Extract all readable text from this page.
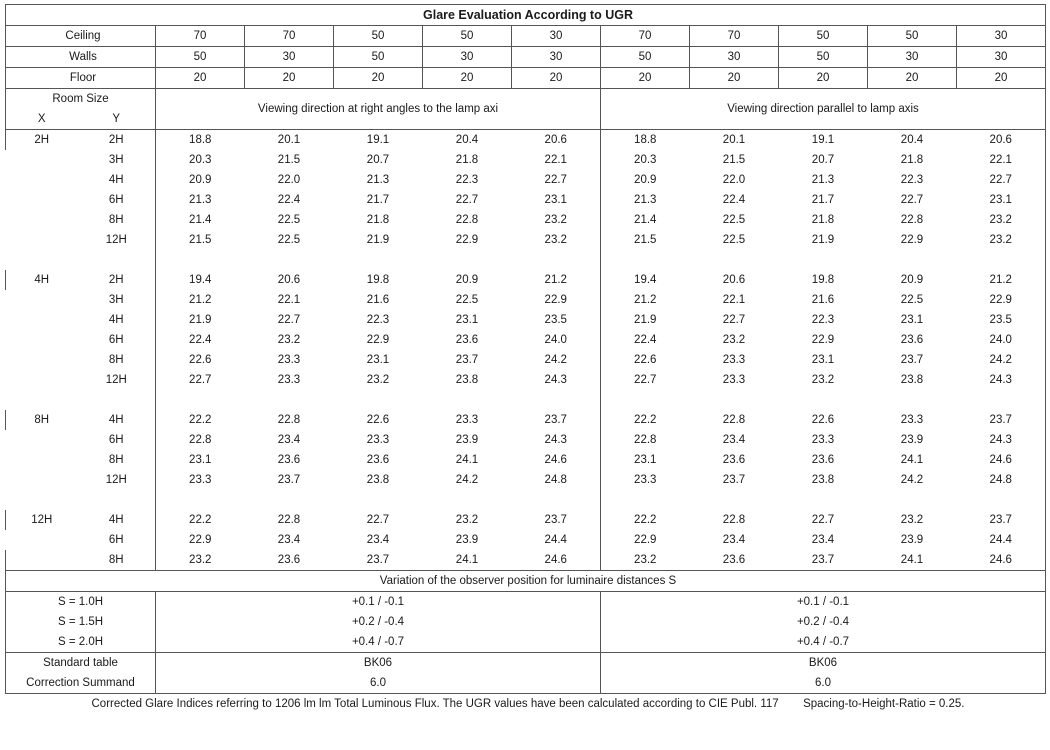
Glare Evaluation According to UGR											
Ceiling		70	70	50	50	30	70	70	50	50	30
Walls		50	30	50	30	30	50	30	50	30	30
Floor		20	20	20	20	20	20	20	20	20	20
Room Size		Viewing direction at right angles to the lamp axi					Viewing direction parallel to lamp axis				
X	Y										
2H	2H	18.8	20.1	19.1	20.4	20.6	18.8	20.1	19.1	20.4	20.6
	3H	20.3	21.5	20.7	21.8	22.1	20.3	21.5	20.7	21.8	22.1
	4H	20.9	22.0	21.3	22.3	22.7	20.9	22.0	21.3	22.3	22.7
	6H	21.3	22.4	21.7	22.7	23.1	21.3	22.4	21.7	22.7	23.1
	8H	21.4	22.5	21.8	22.8	23.2	21.4	22.5	21.8	22.8	23.2
	12H	21.5	22.5	21.9	22.9	23.2	21.5	22.5	21.9	22.9	23.2

4H	2H	19.4	20.6	19.8	20.9	21.2	19.4	20.6	19.8	20.9	21.2
	3H	21.2	22.1	21.6	22.5	22.9	21.2	22.1	21.6	22.5	22.9
	4H	21.9	22.7	22.3	23.1	23.5	21.9	22.7	22.3	23.1	23.5
	6H	22.4	23.2	22.9	23.6	24.0	22.4	23.2	22.9	23.6	24.0
	8H	22.6	23.3	23.1	23.7	24.2	22.6	23.3	23.1	23.7	24.2
	12H	22.7	23.3	23.2	23.8	24.3	22.7	23.3	23.2	23.8	24.3

8H	4H	22.2	22.8	22.6	23.3	23.7	22.2	22.8	22.6	23.3	23.7
	6H	22.8	23.4	23.3	23.9	24.3	22.8	23.4	23.3	23.9	24.3
	8H	23.1	23.6	23.6	24.1	24.6	23.1	23.6	23.6	24.1	24.6
	12H	23.3	23.7	23.8	24.2	24.8	23.3	23.7	23.8	24.2	24.8

12H	4H	22.2	22.8	22.7	23.2	23.7	22.2	22.8	22.7	23.2	23.7
	6H	22.9	23.4	23.4	23.9	24.4	22.9	23.4	23.4	23.9	24.4
	8H	23.2	23.6	23.7	24.1	24.6	23.2	23.6	23.7	24.1	24.6
Variation of the observer position for luminaire distances S											
S = 1.0H		+0.1 / -0.1					+0.1 / -0.1				
S = 1.5H		+0.2 / -0.4					+0.2 / -0.4				
S = 2.0H		+0.4 / -0.7					+0.4 / -0.7				
Standard table		BK06					BK06				
Correction Summand		6.0					6.0				
Corrected Glare Indices referring to 1206 lm lm Total Luminous Flux. The UGR values have been calculated according to CIE Publ. 117 Spacing-to-Height-Ratio = 0.25.											
